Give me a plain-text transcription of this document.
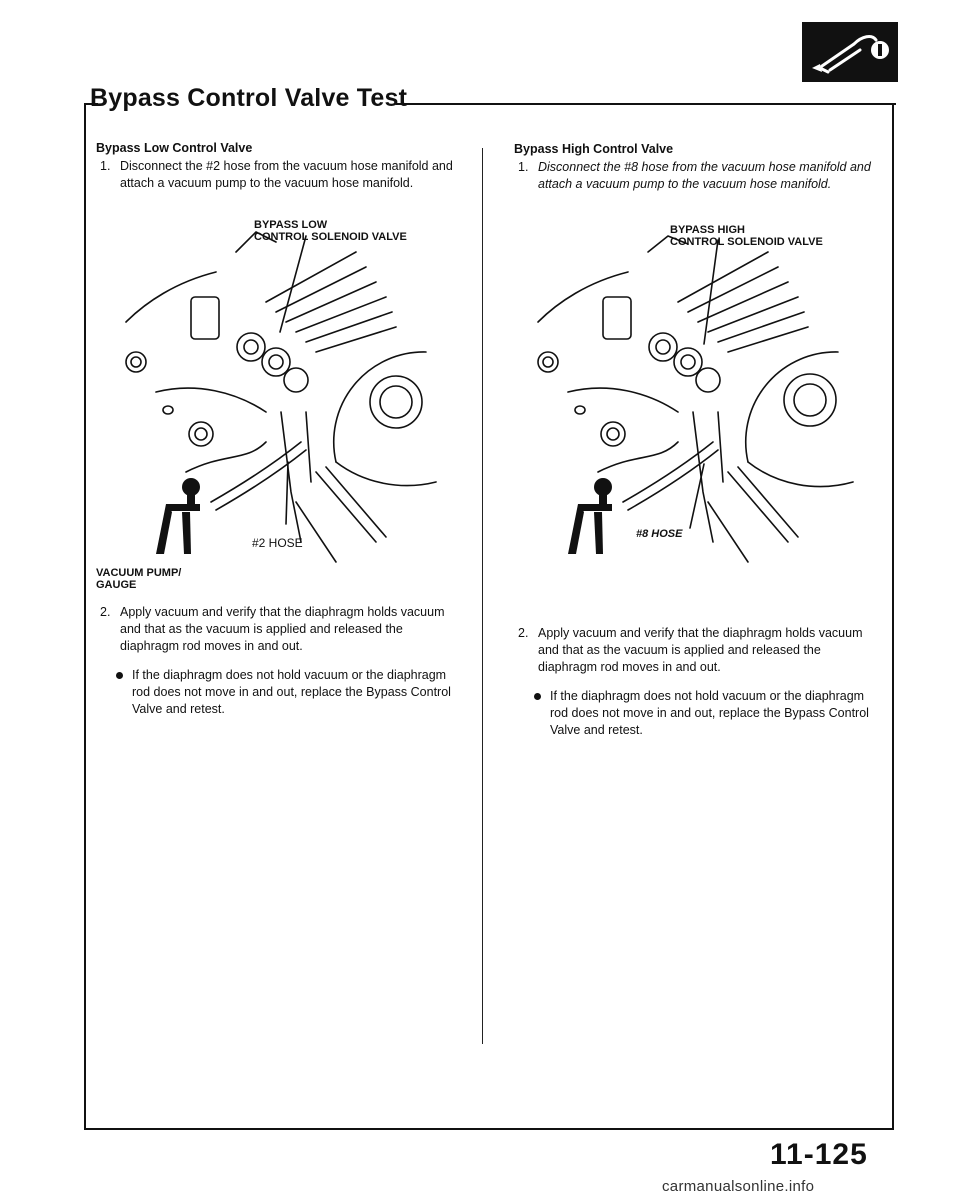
Bypass Control Valve Test

Bypass Low Control Valve

1. Disconnect the #2 hose from the vacuum hose manifold and attach a vacuum pump to the vacuum hose manifold.

2. Apply vacuum and verify that the diaphragm holds vacuum and that as the vacuum is applied and released the diaphragm rod moves in and out.

If the diaphragm does not hold vacuum or the diaphragm rod does not move in and out, replace the Bypass Control Valve and retest.
BYPASS LOW
CONTROL SOLENOID VALVE
#2 HOSE
VACUUM PUMP/
GAUGE

Bypass High Control Valve

1. Disconnect the #8 hose from the vacuum hose manifold and attach a vacuum pump to the vacuum hose manifold.

2. Apply vacuum and verify that the diaphragm holds vacuum and that as the vacuum is applied and released the diaphragm rod moves in and out.

If the diaphragm does not hold vacuum or the diaphragm rod does not move in and out, replace the Bypass Control Valve and retest.
BYPASS HIGH
CONTROL SOLENOID VALVE
#8 HOSE
11-125
carmanualsonline.info
